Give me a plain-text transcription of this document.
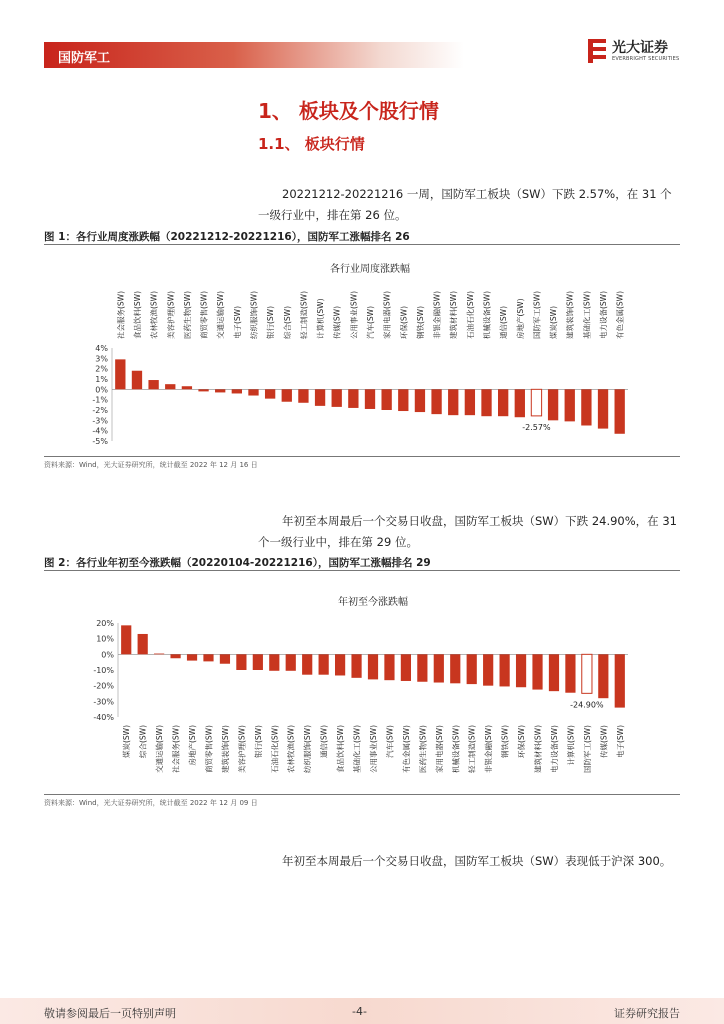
国防军工
光大证券
EVERBRIGHT SECURITIES
1、 板块及个股行情
1.1、 板块行情
20221212-20221216 一周，国防军工板块（SW）下跌 2.57%，在 31 个一级行业中，排在第 26 位。
图 1：各行业周度涨跌幅（20221212-20221216），国防军工涨幅排名 26
各行业周度涨跌幅
4%
3%
2%
1%
0%
-1%
-2%
-3%
-4%
-5%
社会服务(SW) 食品饮料(SW) 农林牧渔(SW) 美容护理(SW) 医药生物(SW) 商贸零售(SW) 交通运输(SW) 电子(SW) 纺织服饰(SW) 银行(SW) 综合(SW) 轻工制造(SW) 计算机(SW) 传媒(SW) 公用事业(SW) 汽车(SW) 家用电器(SW) 环保(SW) 钢铁(SW) 非银金融(SW) 建筑材料(SW) 石油石化(SW) 机械设备(SW) 通信(SW) 房地产(SW) 国防军工(SW) 煤炭(SW) 建筑装饰(SW) 基础化工(SW) 电力设备(SW) 有色金属(SW)
-2.57%
资料来源：Wind，光大证券研究所，统计截至 2022 年 12 月 16 日
年初至本周最后一个交易日收盘，国防军工板块（SW）下跌 24.90%，在 31 个一级行业中，排在第 29 位。
图 2：各行业年初至今涨跌幅（20220104-20221216），国防军工涨幅排名 29
年初至今涨跌幅
20%
10%
0%
-10%
-20%
-30%
-40%
煤炭(SW) 综合(SW) 交通运输(SW) 社会服务(SW) 房地产(SW) 商贸零售(SW) 建筑装饰(SW) 美容护理(SW) 银行(SW) 石油石化(SW) 农林牧渔(SW) 纺织服饰(SW) 通信(SW) 食品饮料(SW) 基础化工(SW) 公用事业(SW) 汽车(SW) 有色金属(SW) 医药生物(SW) 家用电器(SW) 机械设备(SW) 轻工制造(SW) 非银金融(SW) 钢铁(SW) 环保(SW) 建筑材料(SW) 电力设备(SW) 计算机(SW) 国防军工(SW) 传媒(SW) 电子(SW)
-24.90%
资料来源：Wind，光大证券研究所，统计截至 2022 年 12 月 09 日
年初至本周最后一个交易日收盘，国防军工板块（SW）表现低于沪深 300。
敬请参阅最后一页特别声明	-4-	证券研究报告
